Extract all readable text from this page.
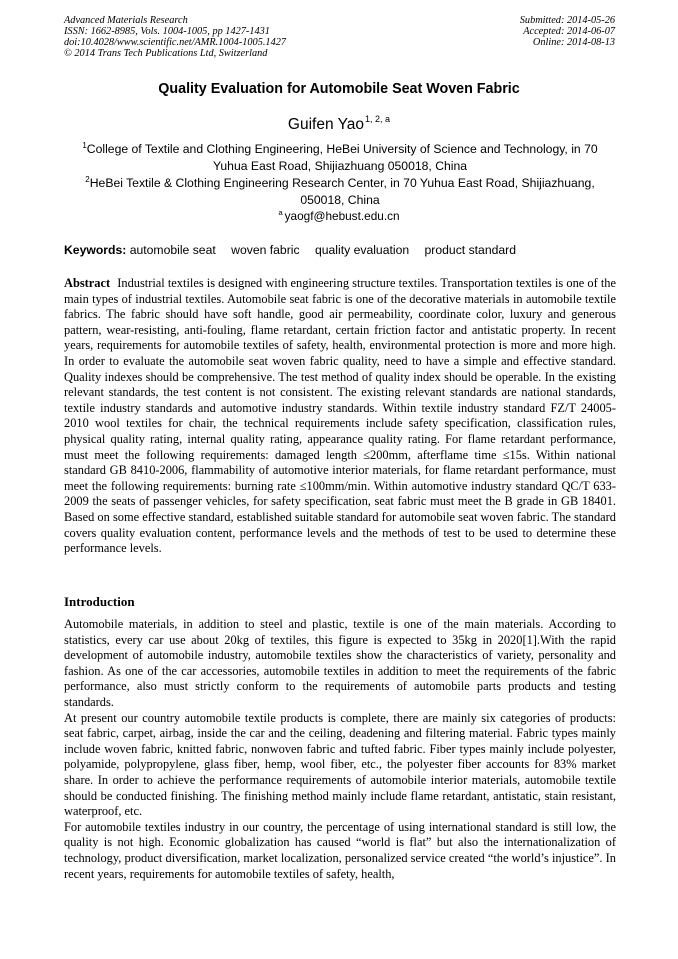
Advanced Materials Research
ISSN: 1662-8985, Vols. 1004-1005, pp 1427-1431
doi:10.4028/www.scientific.net/AMR.1004-1005.1427
© 2014 Trans Tech Publications Ltd, Switzerland
Submitted: 2014-05-26
Accepted: 2014-06-07
Online: 2014-08-13
Quality Evaluation for Automobile Seat Woven Fabric
Guifen Yao$^{1, 2, a}$
$^1$College of Textile and Clothing Engineering, HeBei University of Science and Technology, in 70 Yuhua East Road, Shijiazhuang 050018, China
$^2$HeBei Textile & Clothing Engineering Research Center, in 70 Yuhua East Road, Shijiazhuang, 050018, China
$^a$ yaogf@hebust.edu.cn
Keywords: automobile seat woven fabric quality evaluation product standard
Abstract Industrial textiles is designed with engineering structure textiles. Transportation textiles is one of the main types of industrial textiles. Automobile seat fabric is one of the decorative materials in automobile textile fabrics. The fabric should have soft handle, good air permeability, coordinate color, luxury and generous pattern, wear-resisting, anti-fouling, flame retardant, certain friction factor and antistatic property. In recent years, requirements for automobile textiles of safety, health, environmental protection is more and more high. In order to evaluate the automobile seat woven fabric quality, need to have a simple and effective standard. Quality indexes should be comprehensive. The test method of quality index should be operable. In the existing relevant standards, the test content is not consistent. The existing relevant standards are national standards, textile industry standards and automotive industry standards. Within textile industry standard FZ/T 24005-2010 wool textiles for chair, the technical requirements include safety specification, classification rules, physical quality rating, internal quality rating, appearance quality rating. For flame retardant performance, must meet the following requirements: damaged length ≤200mm, afterflame time ≤15s. Within national standard GB 8410-2006, flammability of automotive interior materials, for flame retardant performance, must meet the following requirements: burning rate ≤100mm/min. Within automotive industry standard QC/T 633-2009 the seats of passenger vehicles, for safety specification, seat fabric must meet the B grade in GB 18401. Based on some effective standard, established suitable standard for automobile seat woven fabric. The standard covers quality evaluation content, performance levels and the methods of test to be used to determine these performance levels.
Introduction

Automobile materials, in addition to steel and plastic, textile is one of the main materials. According to statistics, every car use about 20kg of textiles, this figure is expected to 35kg in 2020[1].With the rapid development of automobile industry, automobile textiles show the characteristics of variety, personality and fashion. As one of the car accessories, automobile textiles in addition to meet the requirements of the fabric performance, also must strictly conform to the requirements of automobile parts products and testing standards.

At present our country automobile textile products is complete, there are mainly six categories of products: seat fabric, carpet, airbag, inside the car and the ceiling, deadening and filtering material. Fabric types mainly include woven fabric, knitted fabric, nonwoven fabric and tufted fabric. Fiber types mainly include polyester, polyamide, polypropylene, glass fiber, hemp, wool fiber, etc., the polyester fiber accounts for 83% market share. In order to achieve the performance requirements of automobile interior materials, automobile textile should be conducted finishing. The finishing method mainly include flame retardant, antistatic, stain resistant, waterproof, etc.

For automobile textiles industry in our country, the percentage of using international standard is still low, the quality is not high. Economic globalization has caused “world is flat” but also the internationalization of technology, product diversification, market localization, personalized service created “the world’s injustice”. In recent years, requirements for automobile textiles of safety, health,
